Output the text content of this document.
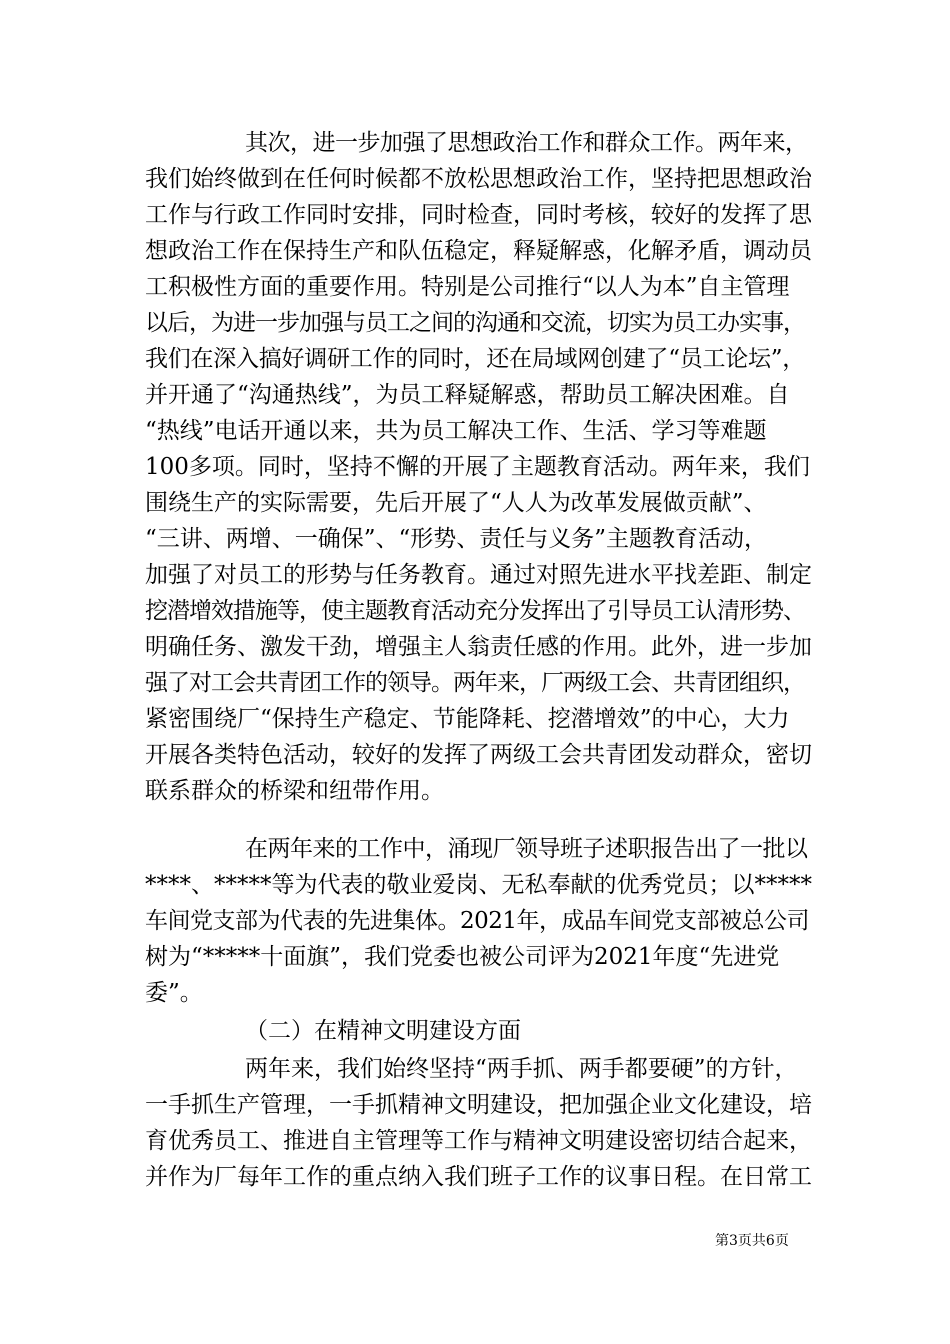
其次，进一步加强了思想政治工作和群众工作。两年来，
我们始终做到在任何时候都不放松思想政治工作，坚持把思想政治
工作与行政工作同时安排，同时检查，同时考核，较好的发挥了思
想政治工作在保持生产和队伍稳定，释疑解惑，化解矛盾，调动员
工积极性方面的重要作用。特别是公司推行“以人为本”自主管理
以后，为进一步加强与员工之间的沟通和交流，切实为员工办实事，
我们在深入搞好调研工作的同时，还在局域网创建了“员工论坛”，
并开通了“沟通热线”，为员工释疑解惑，帮助员工解决困难。自
“热线”电话开通以来，共为员工解决工作、生活、学习等难题
100多项。同时，坚持不懈的开展了主题教育活动。两年来，我们
围绕生产的实际需要，先后开展了“人人为改革发展做贡献”、
“三讲、两增、一确保”、“形势、责任与义务”主题教育活动，
加强了对员工的形势与任务教育。通过对照先进水平找差距、制定
挖潜增效措施等，使主题教育活动充分发挥出了引导员工认清形势、
明确任务、激发干劲，增强主人翁责任感的作用。此外，进一步加
强了对工会共青团工作的领导。两年来，厂两级工会、共青团组织，
紧密围绕厂“保持生产稳定、节能降耗、挖潜增效”的中心，大力
开展各类特色活动，较好的发挥了两级工会共青团发动群众，密切
联系群众的桥梁和纽带作用。
在两年来的工作中，涌现厂领导班子述职报告出了一批以
****、*****等为代表的敬业爱岗、无私奉献的优秀党员；以*****
车间党支部为代表的先进集体。2021年，成品车间党支部被总公司
树为“*****十面旗”，我们党委也被公司评为2021年度“先进党
委”。
（二）在精神文明建设方面
两年来，我们始终坚持“两手抓、两手都要硬”的方针，
一手抓生产管理，一手抓精神文明建设，把加强企业文化建设，培
育优秀员工、推进自主管理等工作与精神文明建设密切结合起来，
并作为厂每年工作的重点纳入我们班子工作的议事日程。在日常工
第3页共6页
